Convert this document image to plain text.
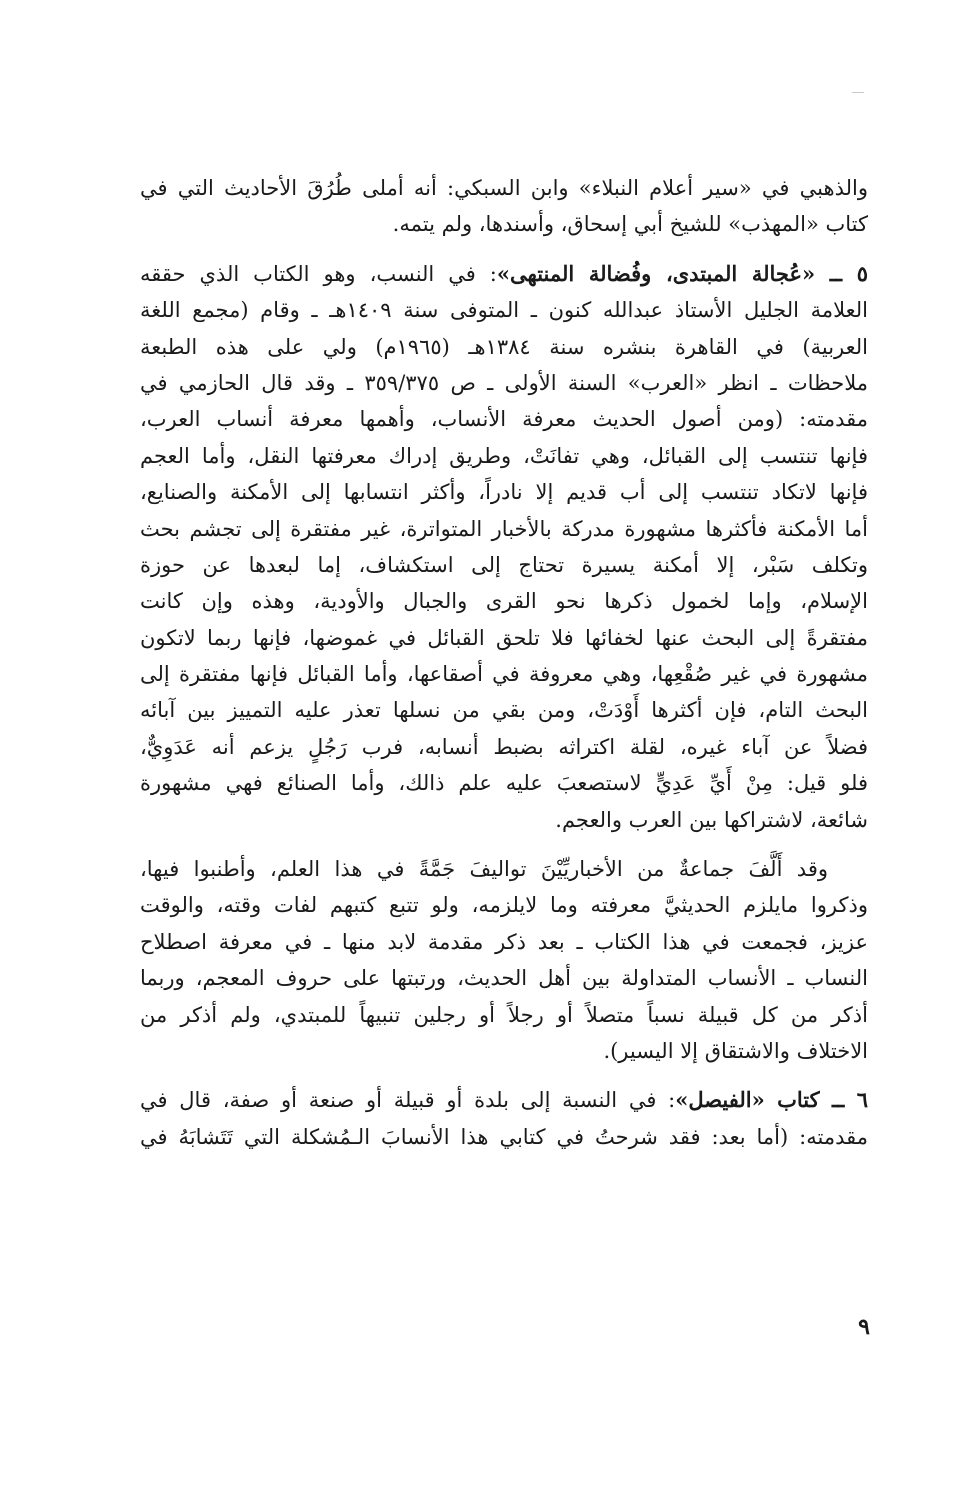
والذهبي في «سير أعلام النبلاء» وابن السبكي: أنه أملى طُرُقَ الأحاديث التي في
كتاب «المهذب» للشيخ أبي إسحاق، وأسندها، ولم يتمه.
٥ ــ «عُجالة المبتدى، وفُضالة المنتهى»: في النسب، وهو الكتاب الذي حققه
العلامة الجليل الأستاذ عبدالله كنون ـ المتوفى سنة ١٤٠٩هـ ـ وقام (مجمع اللغة
العربية) في القاهرة بنشره سنة ١٣٨٤هـ (١٩٦٥م) ولي على هذه الطبعة
ملاحظات ـ انظر «العرب» السنة الأولى ـ ص ٣٥٩/٣٧٥ ـ وقد قال الحازمي في
مقدمته: (ومن أصول الحديث معرفة الأنساب، وأهمها معرفة أنساب العرب،
فإنها تنتسب إلى القبائل، وهي تفانَتْ، وطريق إدراك معرفتها النقل، وأما العجم
فإنها لاتكاد تنتسب إلى أب قديم إلا نادراً، وأكثر انتسابها إلى الأمكنة والصنايع،
أما الأمكنة فأكثرها مشهورة مدركة بالأخبار المتواترة، غير مفتقرة إلى تجشم بحث
وتكلف سَبْر، إلا أمكنة يسيرة تحتاج إلى استكشاف، إما لبعدها عن حوزة
الإسلام، وإما لخمول ذكرها نحو القرى والجبال والأودية، وهذه وإن كانت
مفتقرةً إلى البحث عنها لخفائها فلا تلحق القبائل في غموضها، فإنها ربما لاتكون
مشهورة في غير صُقْعِها، وهي معروفة في أصقاعها، وأما القبائل فإنها مفتقرة إلى
البحث التام، فإن أكثرها أَوْدَتْ، ومن بقي من نسلها تعذر عليه التمييز بين آبائه
فضلاً عن آباء غيره، لقلة اكتراثه بضبط أنسابه، فرب رَجُلٍ يزعم أنه عَدَوِيٌّ،
فلو قيل: مِنْ أَيِّ عَدِيٍّ لاستصعبَ عليه علم ذالك، وأما الصنائع فهي مشهورة
شائعة، لاشتراكها بين العرب والعجم.
وقد أَلَّفَ جماعةٌ من الأخباريِّيْنَ تواليفَ جَمَّةً في هذا العلم، وأطنبوا فيها،
وذكروا مايلزم الحديثيَّ معرفته وما لايلزمه، ولو تتبع كتبهم لفات وقته، والوقت
عزيز، فجمعت في هذا الكتاب ـ بعد ذكر مقدمة لابد منها ـ في معرفة اصطلاح
النساب ـ الأنساب المتداولة بين أهل الحديث، ورتبتها على حروف المعجم، وربما
أذكر من كل قبيلة نسباً متصلاً أو رجلاً أو رجلين تنبيهاً للمبتدي، ولم أذكر من
الاختلاف والاشتقاق إلا اليسير).
٦ ــ كتاب «الفيصل»: في النسبة إلى بلدة أو قبيلة أو صنعة أو صفة، قال في
مقدمته: (أما بعد: فقد شرحتُ في كتابي هذا الأنسابَ الـمُشكلة التي تَتَشابَهُ في
٩
